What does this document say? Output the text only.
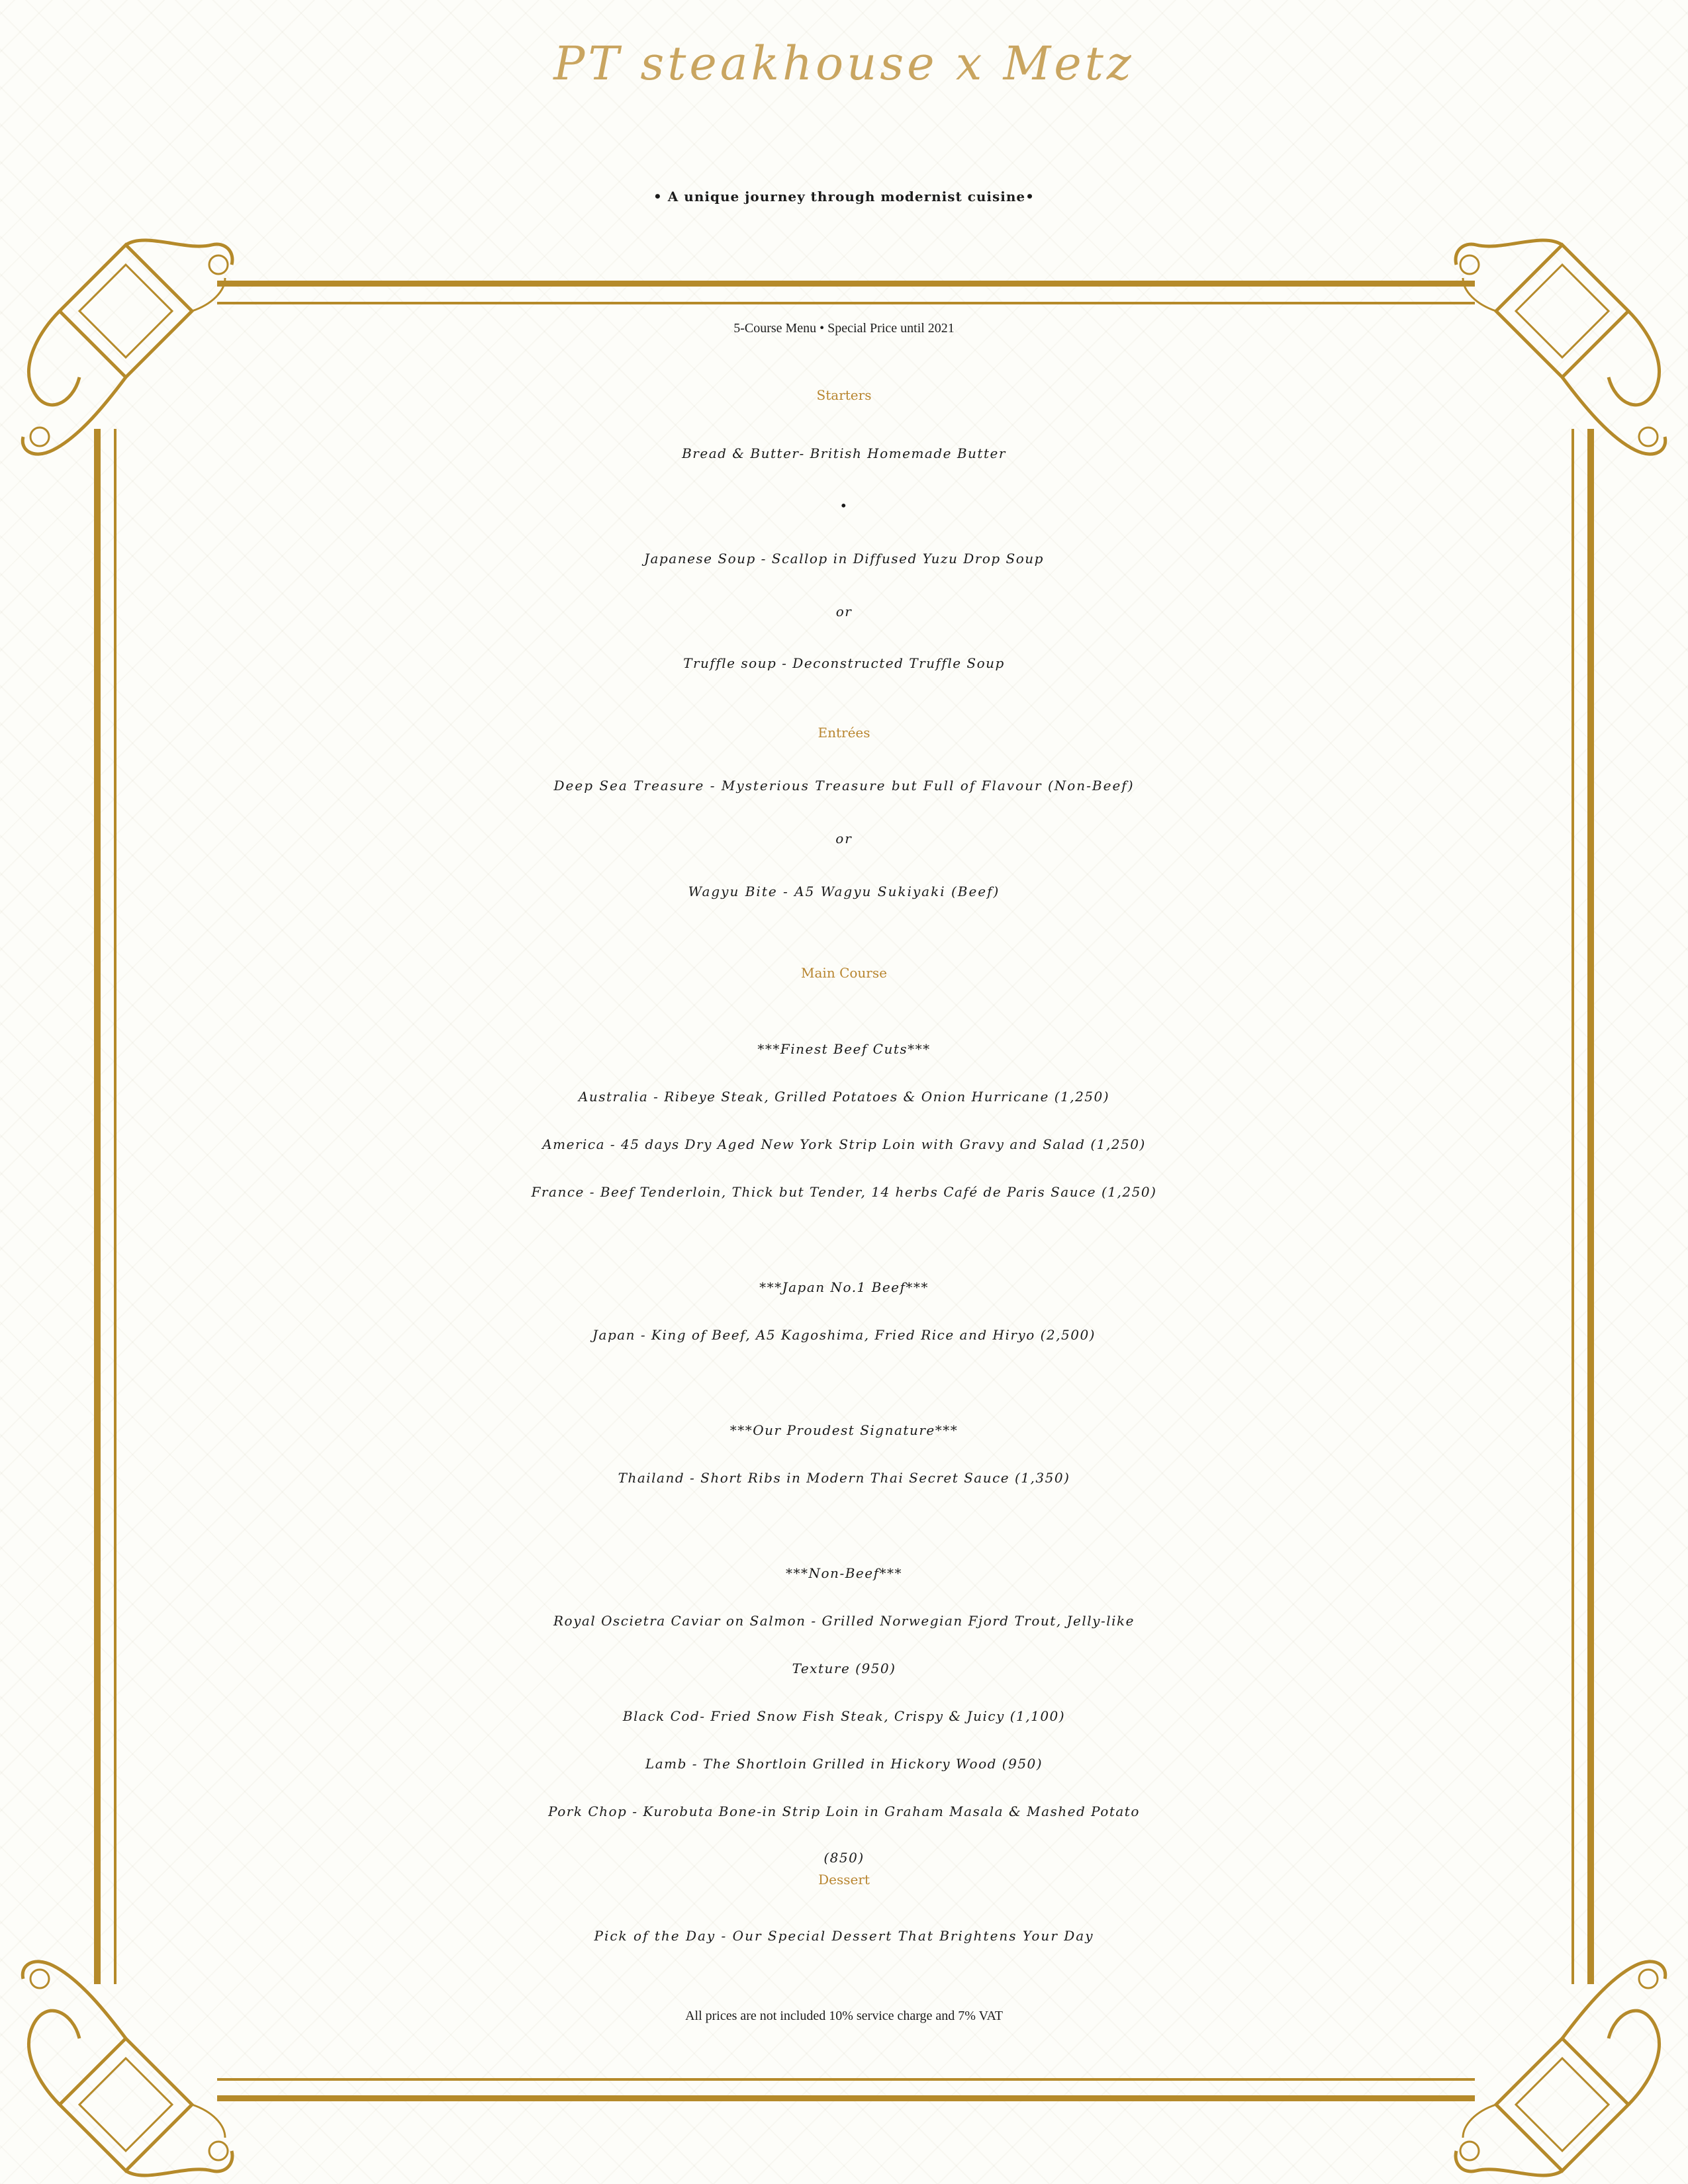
PT steakhouse x Metz
• A unique journey through modernist cuisine•
5-Course Menu • Special Price until 2021
Starters
Bread & Butter- British Homemade Butter
•
Japanese Soup - Scallop in Diffused Yuzu Drop Soup
or
Truffle soup - Deconstructed Truffle Soup
Entrées
Deep Sea Treasure - Mysterious Treasure but Full of Flavour (Non-Beef)
or
Wagyu Bite - A5 Wagyu Sukiyaki (Beef)
Main Course
***Finest Beef Cuts***
Australia - Ribeye Steak, Grilled Potatoes & Onion Hurricane (1,250)
America - 45 days Dry Aged New York Strip Loin with Gravy and Salad (1,250)
France - Beef Tenderloin, Thick but Tender, 14 herbs Café de Paris Sauce (1,250)
***Japan No.1 Beef***
Japan - King of Beef, A5 Kagoshima, Fried Rice and Hiryo (2,500)
***Our Proudest Signature***
Thailand - Short Ribs in Modern Thai Secret Sauce (1,350)
***Non-Beef***
Royal Oscietra Caviar on Salmon - Grilled Norwegian Fjord Trout, Jelly-like
Texture (950)
Black Cod- Fried Snow Fish Steak, Crispy & Juicy (1,100)
Lamb - The Shortloin Grilled in Hickory Wood (950)
Pork Chop - Kurobuta Bone-in Strip Loin in Graham Masala & Mashed Potato
(850)
Dessert
Pick of the Day - Our Special Dessert That Brightens Your Day
All prices are not included 10% service charge and 7% VAT
